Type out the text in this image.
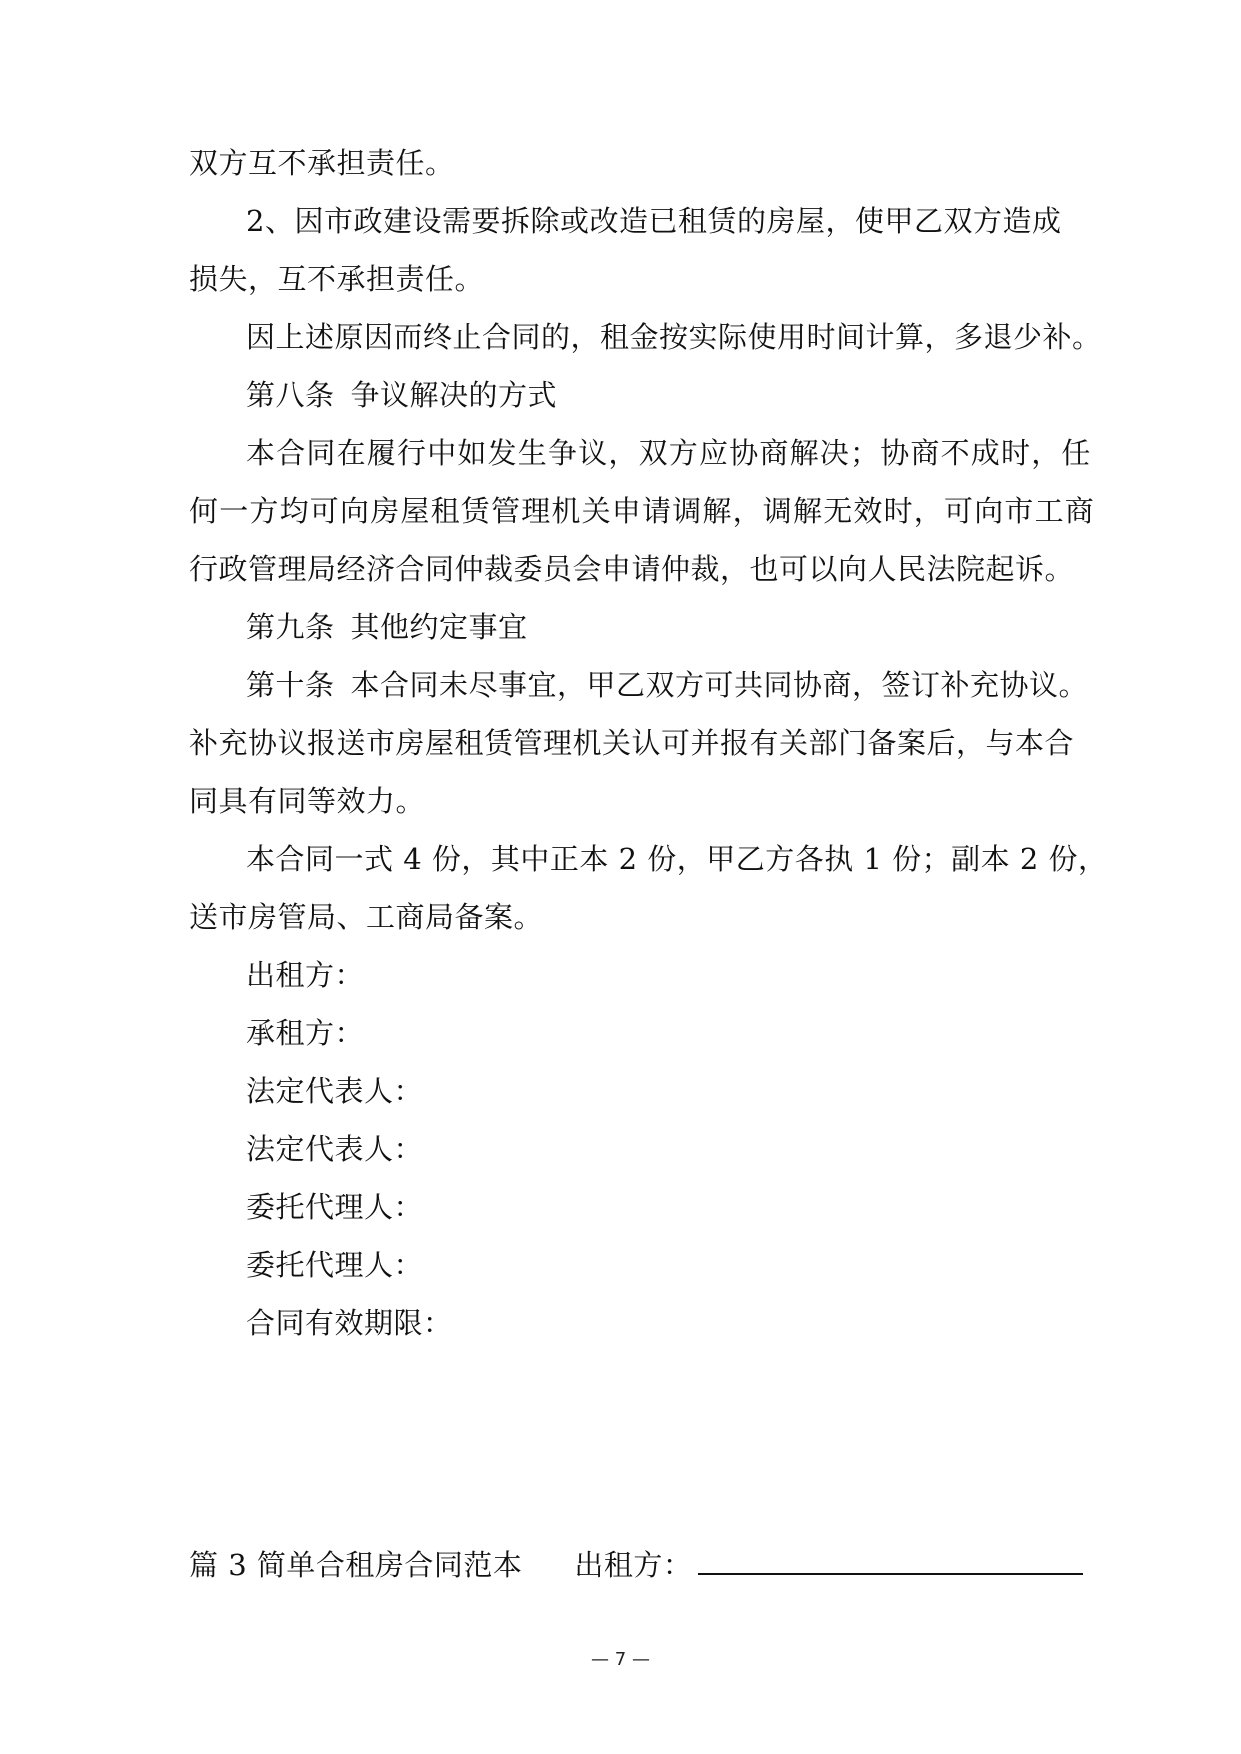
双方互不承担责任。
2、因市政建设需要拆除或改造已租赁的房屋，使甲乙双方造成
损失，互不承担责任。
因上述原因而终止合同的，租金按实际使用时间计算，多退少补。
第八条 争议解决的方式
本合同在履行中如发生争议，双方应协商解决；协商不成时，任
何一方均可向房屋租赁管理机关申请调解，调解无效时，可向市工商
行政管理局经济合同仲裁委员会申请仲裁，也可以向人民法院起诉。
第九条 其他约定事宜
第十条 本合同未尽事宜，甲乙双方可共同协商，签订补充协议。
补充协议报送市房屋租赁管理机关认可并报有关部门备案后，与本合
同具有同等效力。
本合同一式 4 份，其中正本 2 份，甲乙方各执 1 份；副本 2 份，
送市房管局、工商局备案。
出租方：
承租方：
法定代表人：
法定代表人：
委托代理人：
委托代理人：
合同有效期限：
篇 3 简单合租房合同范本 出租方：
— 7 —
